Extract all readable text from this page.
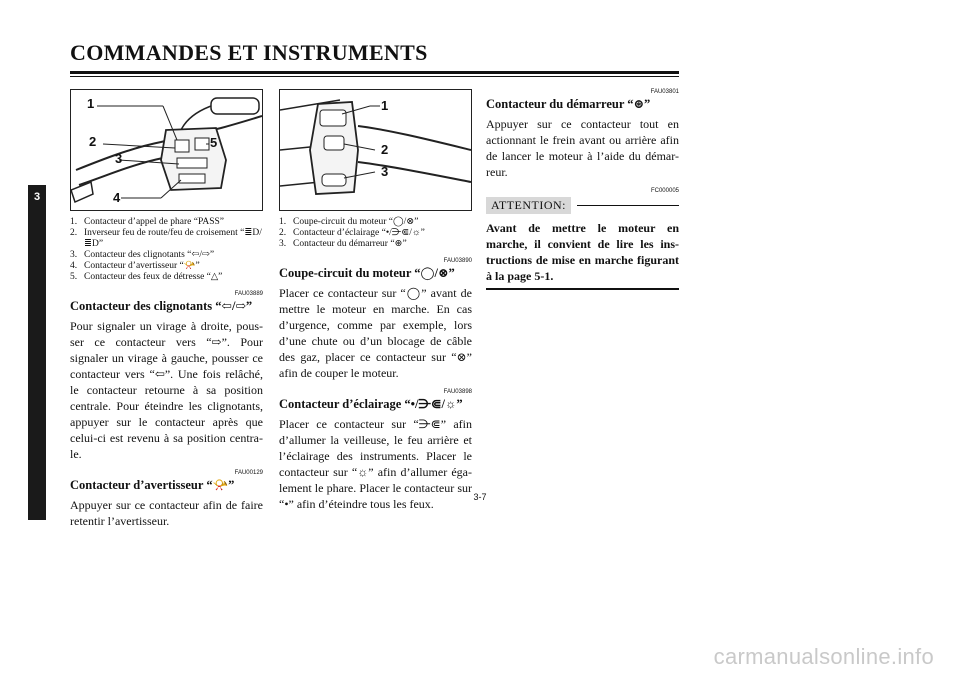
COMMANDES ET INSTRUMENTS
3
1
2
3
4
5
1. Contacteur d’appel de phare “PASS”
2. Inverseur feu de route/feu de croisement “≣D/≣D”
3. Contacteur des clignotants “⇦/⇨”
4. Contacteur d’avertisseur “📯”
5. Contacteur des feux de détresse “△”
FAU03889
Contacteur des clignotants “⇦/⇨”

Pour signaler un virage à droite, pous-ser ce contacteur vers “⇨”. Pour signaler un virage à gauche, pousser ce contacteur vers “⇦”. Une fois relâché, le contacteur retourne à sa position centrale. Pour éteindre les clignotants, appuyer sur le contacteur après que celui-ci est revenu à sa position centra-le.

FAU00129
Contacteur d’avertisseur “📯”

Appuyer sur ce contacteur afin de faire retentir l’avertisseur.

1
2
3
1. Coupe-circuit du moteur “◯/⊗”
2. Contacteur d’éclairage “•/⋺⋐/☼”
3. Contacteur du démarreur “⊛”
FAU03890
Coupe-circuit du moteur “◯/⊗”

Placer ce contacteur sur “◯” avant de mettre le moteur en marche. En cas d’urgence, comme par exemple, lors d’une chute ou d’un blocage de câble des gaz, placer ce contacteur sur “⊗” afin de couper le moteur.

FAU03898
Contacteur d’éclairage “•/⋺⋐/☼”

Placer ce contacteur sur “⋺⋐” afin d’allumer la veilleuse, le feu arrière et l’éclairage des instruments. Placer le contacteur sur “☼” afin d’allumer éga-lement le phare. Placer le contacteur sur “•” afin d’éteindre tous les feux.

FAU03801
Contacteur du démarreur “⊛”

Appuyer sur ce contacteur tout en actionnant le frein avant ou arrière afin de lancer le moteur à l’aide du démar-reur.

FC000005
ATTENTION:

Avant de mettre le moteur en marche, il convient de lire les ins-tructions de mise en marche figurant à la page 5-1.

3-7
carmanualsonline.info
